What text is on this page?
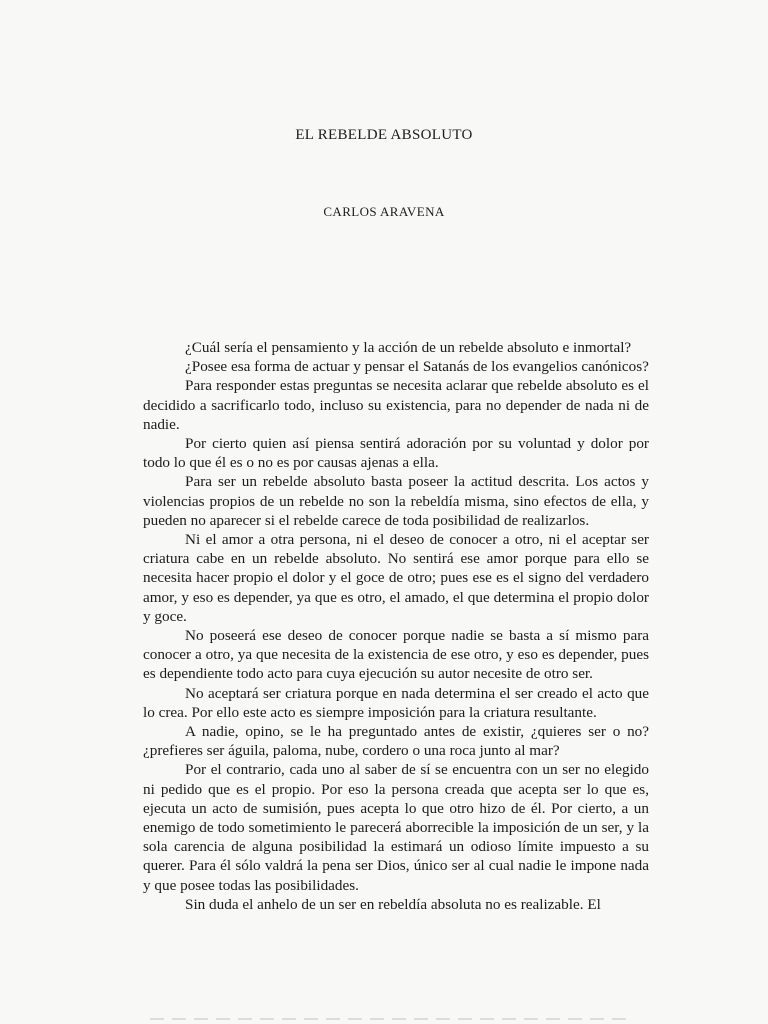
EL REBELDE ABSOLUTO
CARLOS ARAVENA

¿Cuál sería el pensamiento y la acción de un rebelde absoluto e inmortal?

¿Posee esa forma de actuar y pensar el Satanás de los evangelios canónicos?

Para responder estas preguntas se necesita aclarar que rebelde absoluto es el decidido a sacrificarlo todo, incluso su existencia, para no depender de nada ni de nadie.

Por cierto quien así piensa sentirá adoración por su voluntad y dolor por todo lo que él es o no es por causas ajenas a ella.

Para ser un rebelde absoluto basta poseer la actitud descrita. Los actos y violencias propios de un rebelde no son la rebeldía misma, sino efectos de ella, y pueden no aparecer si el rebelde carece de toda posibilidad de realizarlos.

Ni el amor a otra persona, ni el deseo de conocer a otro, ni el aceptar ser criatura cabe en un rebelde absoluto. No sentirá ese amor porque para ello se necesita hacer propio el dolor y el goce de otro; pues ese es el signo del verdadero amor, y eso es depender, ya que es otro, el amado, el que determina el propio dolor y goce.

No poseerá ese deseo de conocer porque nadie se basta a sí mismo para conocer a otro, ya que necesita de la existencia de ese otro, y eso es depender, pues es dependiente todo acto para cuya ejecución su autor necesite de otro ser.

No aceptará ser criatura porque en nada determina el ser creado el acto que lo crea. Por ello este acto es siempre imposición para la criatura resultante.

A nadie, opino, se le ha preguntado antes de existir, ¿quieres ser o no? ¿prefieres ser águila, paloma, nube, cordero o una roca junto al mar?

Por el contrario, cada uno al saber de sí se encuentra con un ser no elegido ni pedido que es el propio. Por eso la persona creada que acepta ser lo que es, ejecuta un acto de sumisión, pues acepta lo que otro hizo de él. Por cierto, a un enemigo de todo sometimiento le parecerá aborrecible la imposición de un ser, y la sola carencia de alguna posibilidad la estimará un odioso límite impuesto a su querer. Para él sólo valdrá la pena ser Dios, único ser al cual nadie le impone nada y que posee todas las posibilidades.

Sin duda el anhelo de un ser en rebeldía absoluta no es realizable. El
